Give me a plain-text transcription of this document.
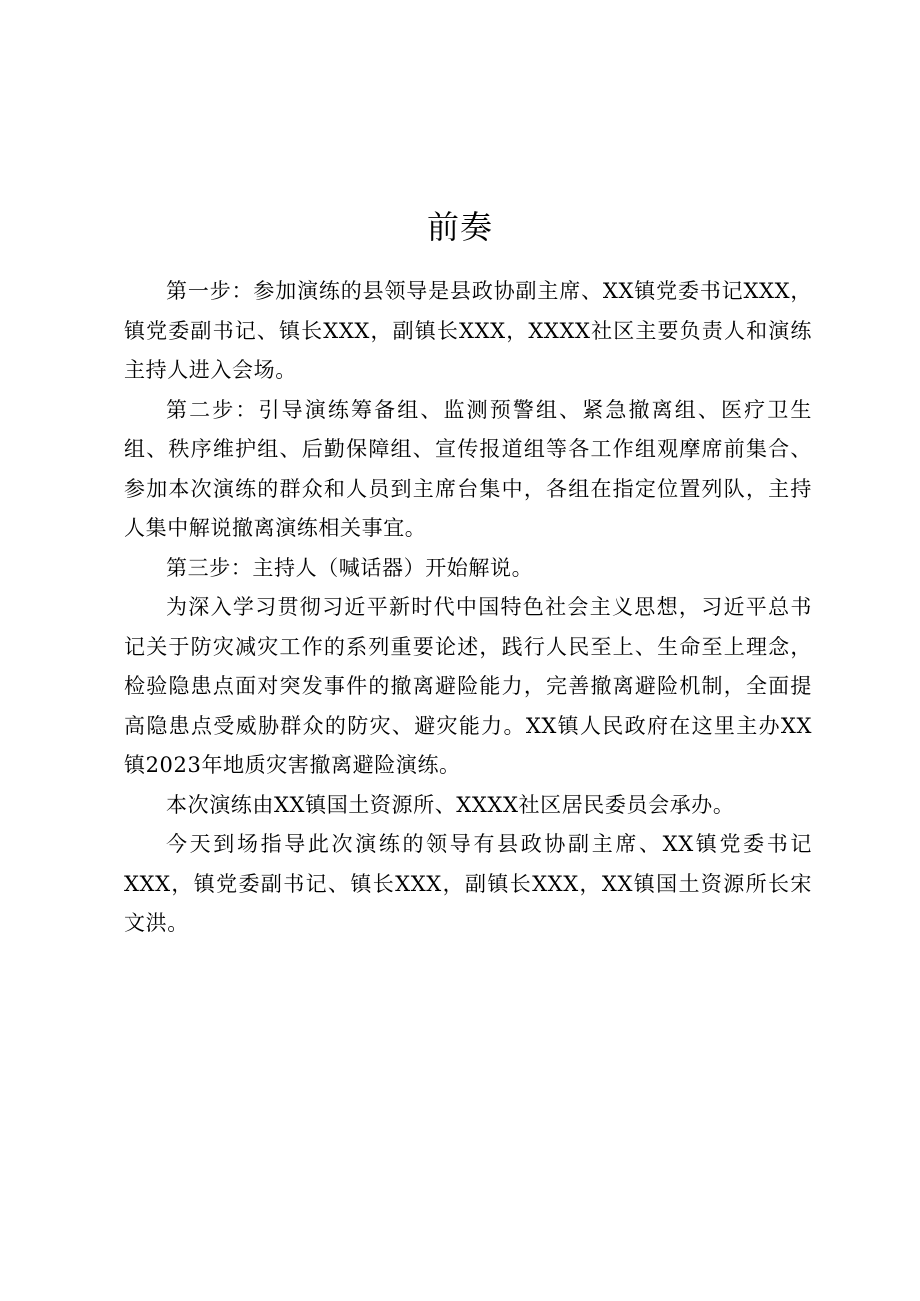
前奏

第一步：参加演练的县领导是县政协副主席、XX镇党委书记XXX，镇党委副书记、镇长XXX，副镇长XXX，XXXX社区主要负责人和演练主持人进入会场。

第二步：引导演练筹备组、监测预警组、紧急撤离组、医疗卫生组、秩序维护组、后勤保障组、宣传报道组等各工作组观摩席前集合、参加本次演练的群众和人员到主席台集中，各组在指定位置列队，主持人集中解说撤离演练相关事宜。

第三步：主持人（喊话器）开始解说。

为深入学习贯彻习近平新时代中国特色社会主义思想，习近平总书记关于防灾减灾工作的系列重要论述，践行人民至上、生命至上理念，检验隐患点面对突发事件的撤离避险能力，完善撤离避险机制，全面提高隐患点受威胁群众的防灾、避灾能力。XX镇人民政府在这里主办XX镇2023年地质灾害撤离避险演练。

本次演练由XX镇国土资源所、XXXX社区居民委员会承办。

今天到场指导此次演练的领导有县政协副主席、XX镇党委书记XXX，镇党委副书记、镇长XXX，副镇长XXX，XX镇国土资源所长宋文洪。
